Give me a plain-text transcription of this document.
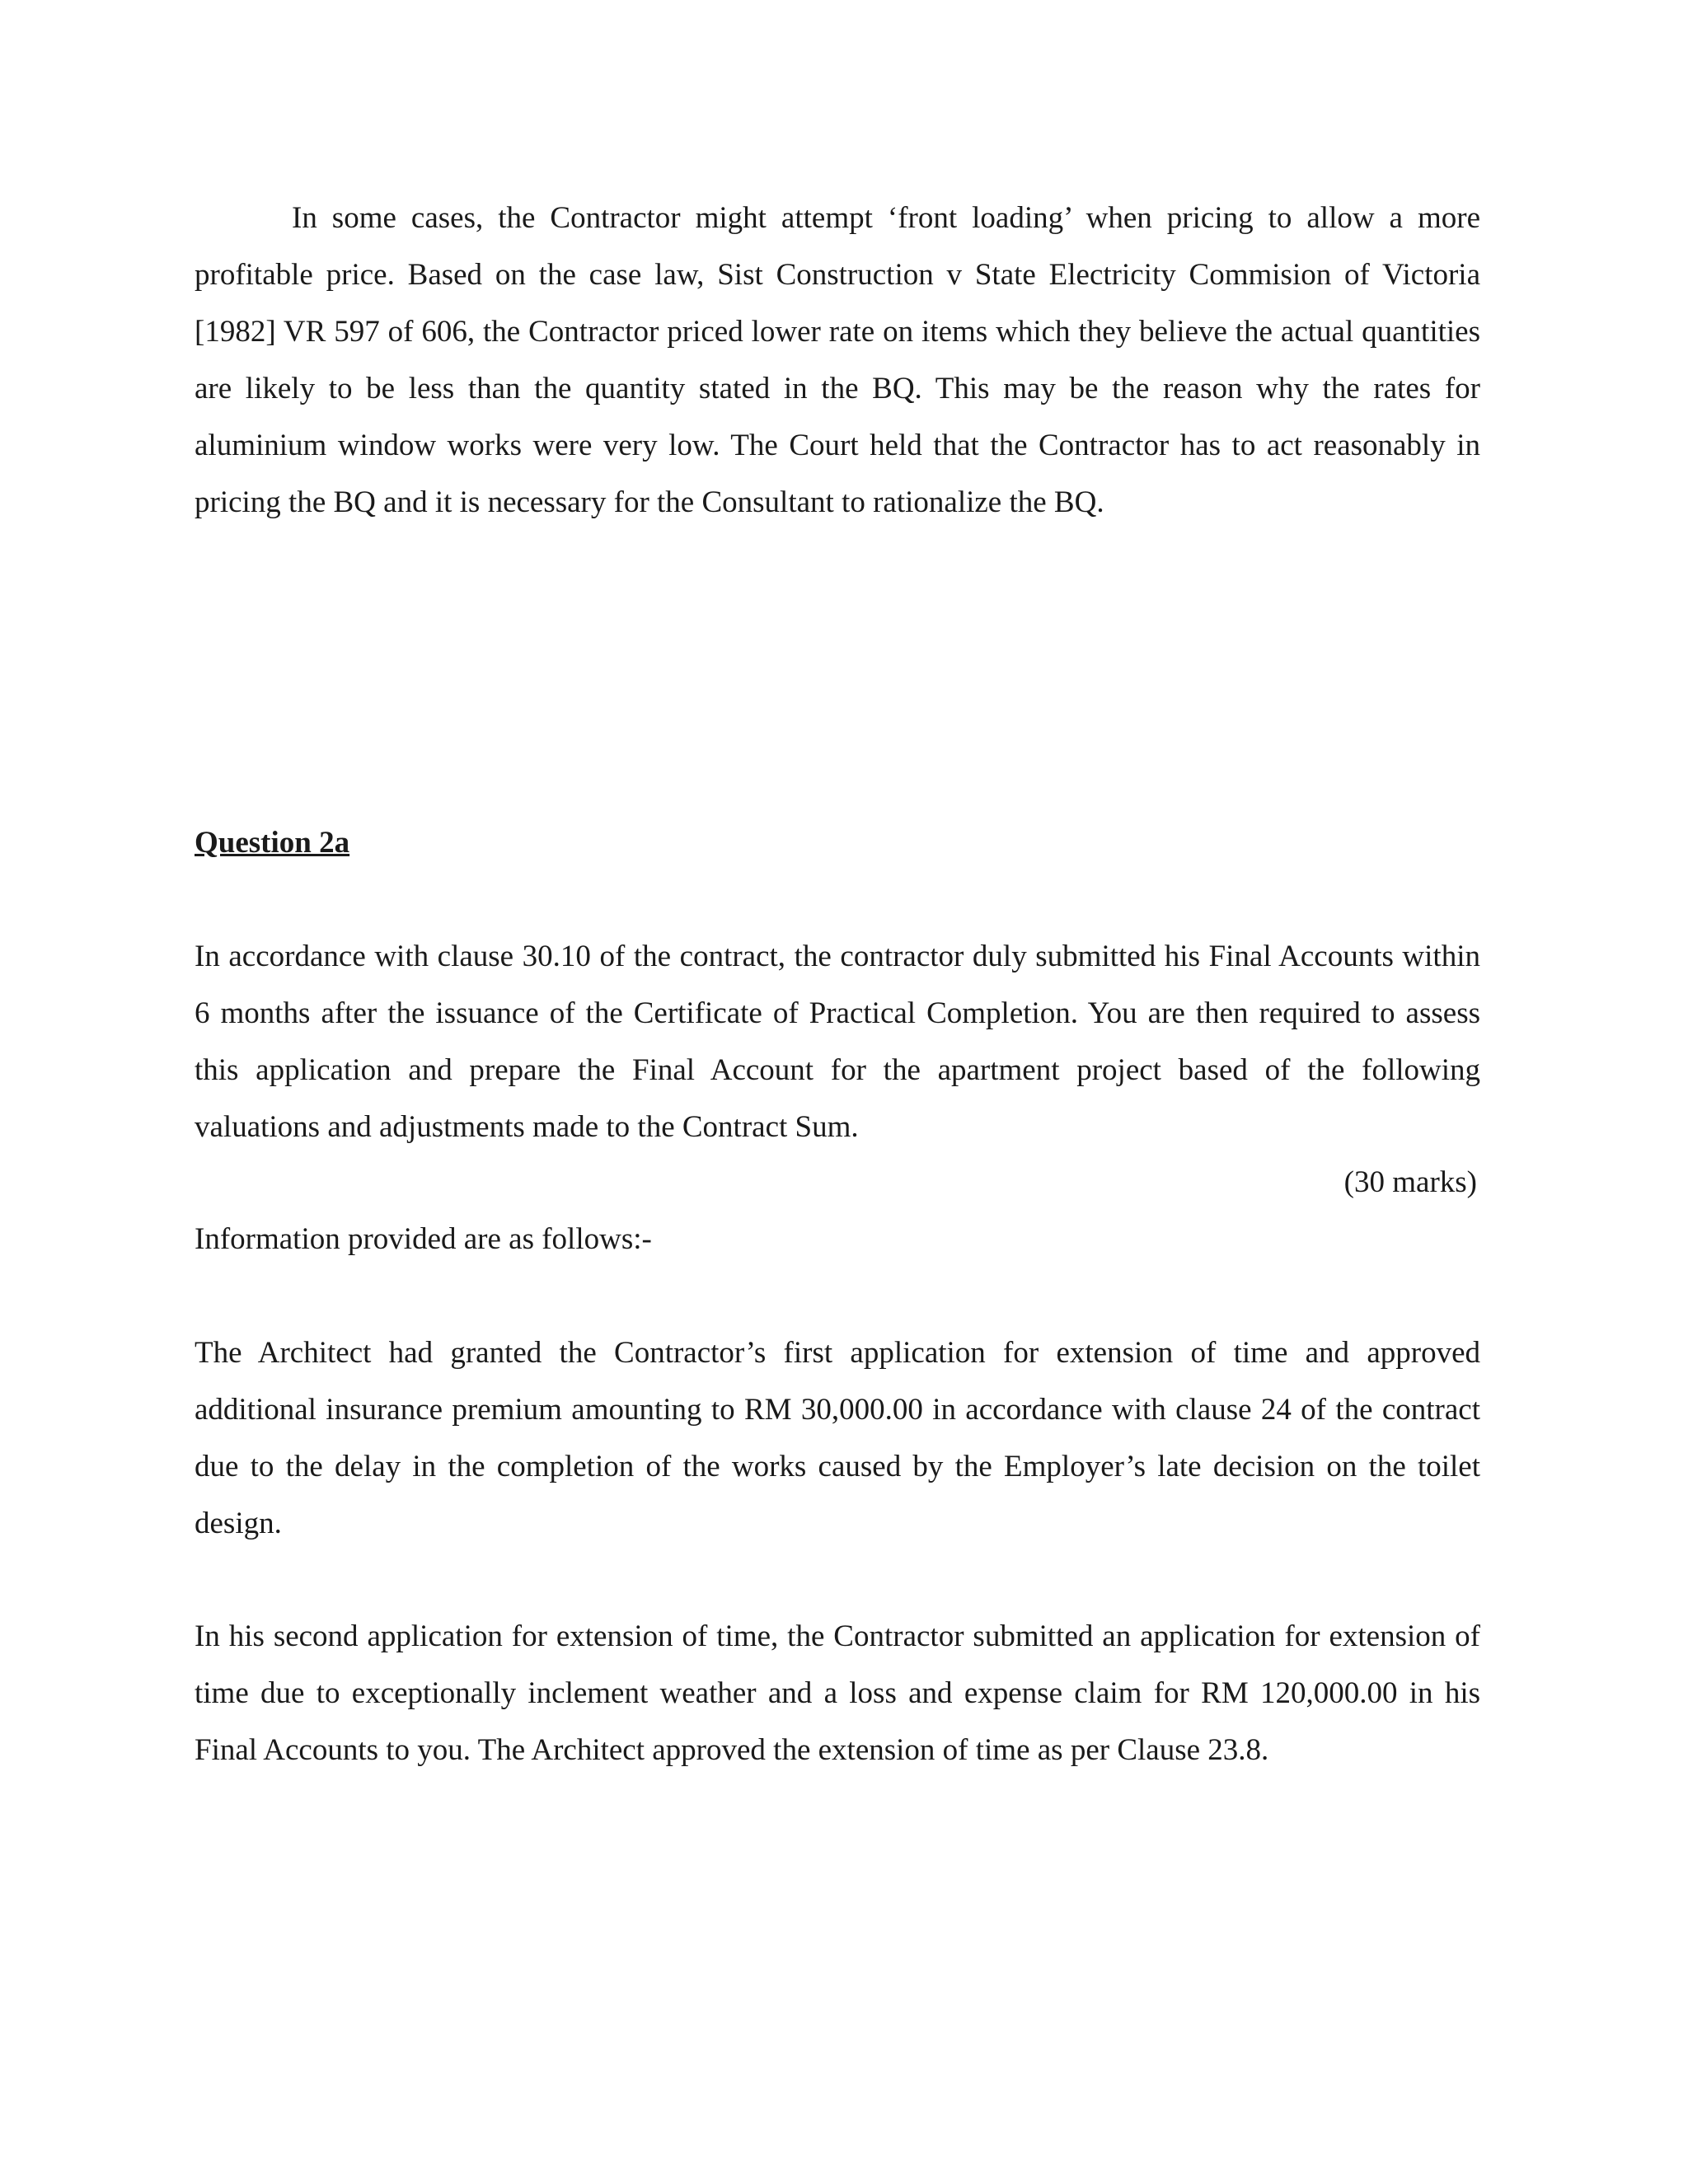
In some cases, the Contractor might attempt ‘front loading’ when pricing to allow a more profitable price. Based on the case law, Sist Construction v State Electricity Commision of Victoria [1982] VR 597 of 606, the Contractor priced lower rate on items which they believe the actual quantities are likely to be less than the quantity stated in the BQ. This may be the reason why the rates for aluminium window works were very low. The Court held that the Contractor has to act reasonably in pricing the BQ and it is necessary for the Consultant to rationalize the BQ.

Question 2a

In accordance with clause 30.10 of the contract, the contractor duly submitted his Final Accounts within 6 months after the issuance of the Certificate of Practical Completion. You are then required to assess this application and prepare the Final Account for the apartment project based of the following valuations and adjustments made to the Contract Sum.

(30 marks)

Information provided are as follows:-

The Architect had granted the Contractor’s first application for extension of time and approved additional insurance premium amounting to RM 30,000.00 in accordance with clause 24 of the contract due to the delay in the completion of the works caused by the Employer’s late decision on the toilet design.

In his second application for extension of time, the Contractor submitted an application for extension of time due to exceptionally inclement weather and a loss and expense claim for RM 120,000.00 in his Final Accounts to you. The Architect approved the extension of time as per Clause 23.8.
